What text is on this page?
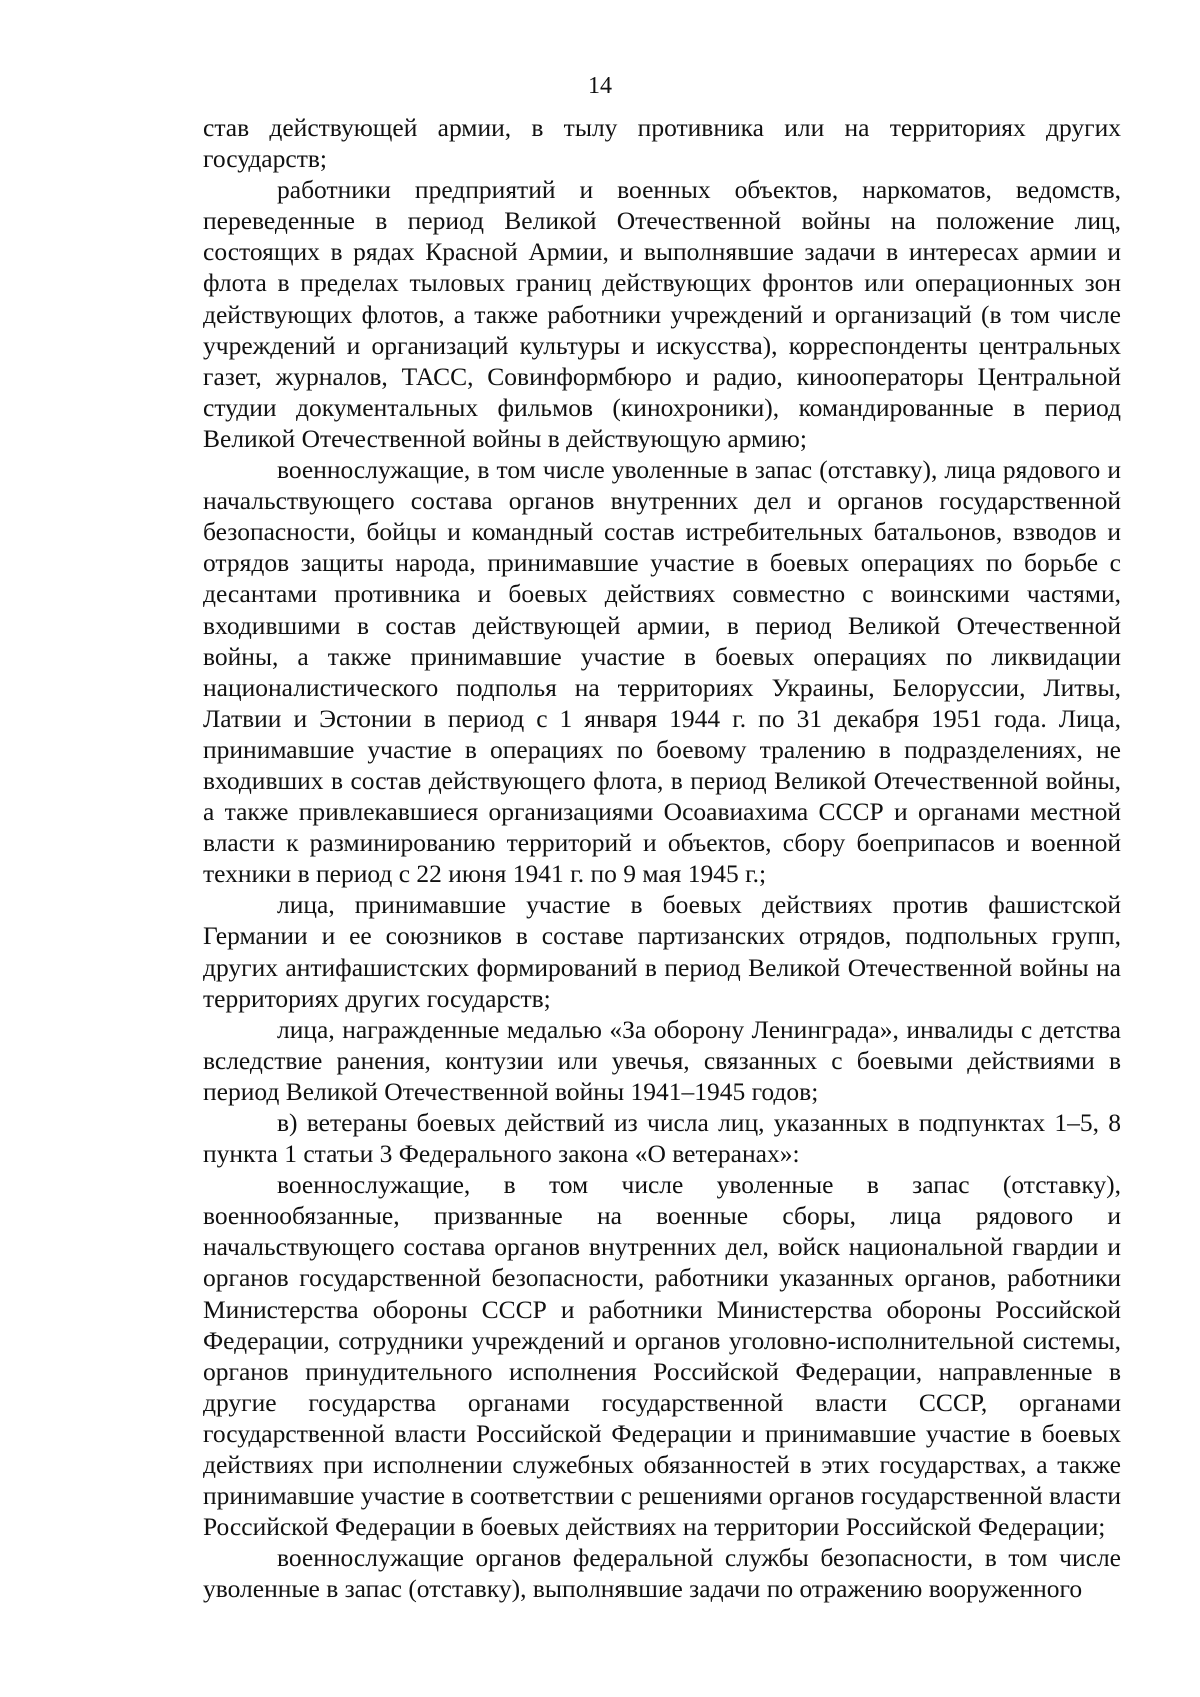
14

став действующей армии, в тылу противника или на территориях других государств;

работники предприятий и военных объектов, наркоматов, ведомств, переведенные в период Великой Отечественной войны на положение лиц, состоящих в рядах Красной Армии, и выполнявшие задачи в интересах армии и флота в пределах тыловых границ действующих фронтов или операционных зон действующих флотов, а также работники учреждений и организаций (в том числе учреждений и организаций культуры и искусства), корреспонденты центральных газет, журналов, ТАСС, Совинформбюро и радио, кинооператоры Центральной студии документальных фильмов (кинохроники), командированные в период Великой Отечественной войны в действующую армию;

военнослужащие, в том числе уволенные в запас (отставку), лица рядового и начальствующего состава органов внутренних дел и органов государственной безопасности, бойцы и командный состав истребительных батальонов, взводов и отрядов защиты народа, принимавшие участие в боевых операциях по борьбе с десантами противника и боевых действиях совместно с воинскими частями, входившими в состав действующей армии, в период Великой Отечественной войны, а также принимавшие участие в боевых операциях по ликвидации националистического подполья на территориях Украины, Белоруссии, Литвы, Латвии и Эстонии в период с 1 января 1944 г. по 31 декабря 1951 года. Лица, принимавшие участие в операциях по боевому тралению в подразделениях, не входивших в состав действующего флота, в период Великой Отечественной войны, а также привлекавшиеся организациями Осоавиахима СССР и органами местной власти к разминированию территорий и объектов, сбору боеприпасов и военной техники в период с 22 июня 1941 г. по 9 мая 1945 г.;

лица, принимавшие участие в боевых действиях против фашистской Германии и ее союзников в составе партизанских отрядов, подпольных групп, других антифашистских формирований в период Великой Отечественной войны на территориях других государств;

лица, награжденные медалью «За оборону Ленинграда», инвалиды с детства вследствие ранения, контузии или увечья, связанных с боевыми действиями в период Великой Отечественной войны 1941–1945 годов;

в) ветераны боевых действий из числа лиц, указанных в подпунктах 1–5, 8 пункта 1 статьи 3 Федерального закона «О ветеранах»:

военнослужащие, в том числе уволенные в запас (отставку), военнообязанные, призванные на военные сборы, лица рядового и начальствующего состава органов внутренних дел, войск национальной гвардии и органов государственной безопасности, работники указанных органов, работники Министерства обороны СССР и работники Министерства обороны Российской Федерации, сотрудники учреждений и органов уголовно-исполнительной системы, органов принудительного исполнения Российской Федерации, направленные в другие государства органами государственной власти СССР, органами государственной власти Российской Федерации и принимавшие участие в боевых действиях при исполнении служебных обязанностей в этих государствах, а также принимавшие участие в соответствии с решениями органов государственной власти Российской Федерации в боевых действиях на территории Российской Федерации;

военнослужащие органов федеральной службы безопасности, в том числе уволенные в запас (отставку), выполнявшие задачи по отражению вооруженного
